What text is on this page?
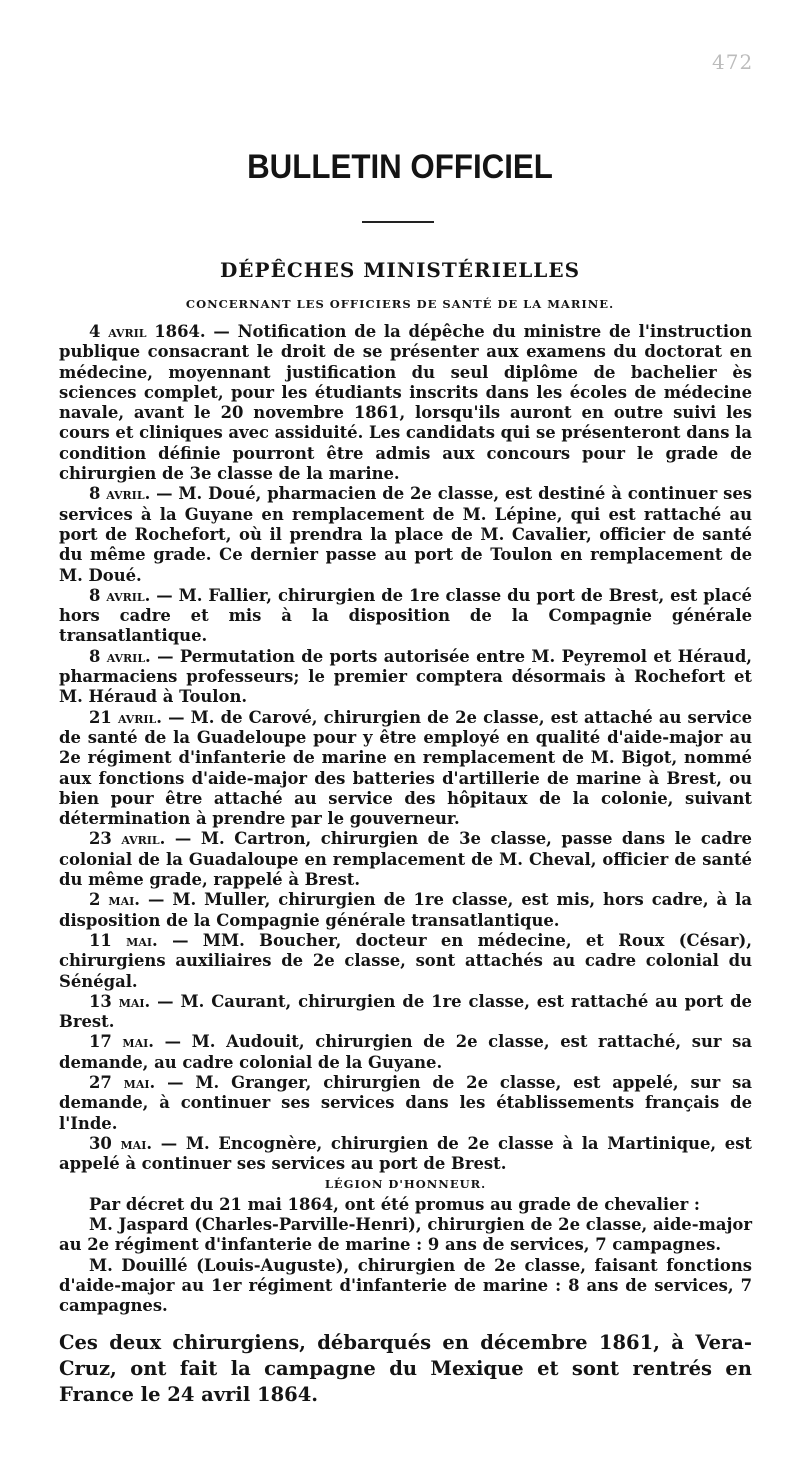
472
BULLETIN OFFICIEL
DÉPÊCHES MINISTÉRIELLES
CONCERNANT LES OFFICIERS DE SANTÉ DE LA MARINE.

4 avril 1864. — Notification de la dépêche du ministre de l'instruction publique consacrant le droit de se présenter aux examens du doctorat en médecine, moyennant justification du seul diplôme de bachelier ès sciences complet, pour les étudiants inscrits dans les écoles de médecine navale, avant le 20 novembre 1861, lorsqu'ils auront en outre suivi les cours et cliniques avec assiduité. Les candidats qui se présenteront dans la condition définie pourront être admis aux concours pour le grade de chirurgien de 3e classe de la marine.

8 avril. — M. Doué, pharmacien de 2e classe, est destiné à continuer ses services à la Guyane en remplacement de M. Lépine, qui est rattaché au port de Rochefort, où il prendra la place de M. Cavalier, officier de santé du même grade. Ce dernier passe au port de Toulon en remplacement de M. Doué.

8 avril. — M. Fallier, chirurgien de 1re classe du port de Brest, est placé hors cadre et mis à la disposition de la Compagnie générale transatlantique.

8 avril. — Permutation de ports autorisée entre M. Peyremol et Héraud, pharmaciens professeurs; le premier comptera désormais à Rochefort et M. Héraud à Toulon.

21 avril. — M. de Carové, chirurgien de 2e classe, est attaché au service de santé de la Guadeloupe pour y être employé en qualité d'aide-major au 2e régiment d'infanterie de marine en remplacement de M. Bigot, nommé aux fonctions d'aide-major des batteries d'artillerie de marine à Brest, ou bien pour être attaché au service des hôpitaux de la colonie, suivant détermination à prendre par le gouverneur.

23 avril. — M. Cartron, chirurgien de 3e classe, passe dans le cadre colonial de la Guadaloupe en remplacement de M. Cheval, officier de santé du même grade, rappelé à Brest.

2 mai. — M. Muller, chirurgien de 1re classe, est mis, hors cadre, à la disposition de la Compagnie générale transatlantique.

11 mai. — MM. Boucher, docteur en médecine, et Roux (César), chirurgiens auxiliaires de 2e classe, sont attachés au cadre colonial du Sénégal.

13 mai. — M. Caurant, chirurgien de 1re classe, est rattaché au port de Brest.

17 mai. — M. Audouit, chirurgien de 2e classe, est rattaché, sur sa demande, au cadre colonial de la Guyane.

27 mai. — M. Granger, chirurgien de 2e classe, est appelé, sur sa demande, à continuer ses services dans les établissements français de l'Inde.

30 mai. — M. Encognère, chirurgien de 2e classe à la Martinique, est appelé à continuer ses services au port de Brest.

LÉGION D'HONNEUR.

Par décret du 21 mai 1864, ont été promus au grade de chevalier :

M. Jaspard (Charles-Parville-Henri), chirurgien de 2e classe, aide-major au 2e régiment d'infanterie de marine : 9 ans de services, 7 campagnes.

M. Douillé (Louis-Auguste), chirurgien de 2e classe, faisant fonctions d'aide-major au 1er régiment d'infanterie de marine : 8 ans de services, 7 campagnes.

Ces deux chirurgiens, débarqués en décembre 1861, à Vera-Cruz, ont fait la campagne du Mexique et sont rentrés en France le 24 avril 1864.
